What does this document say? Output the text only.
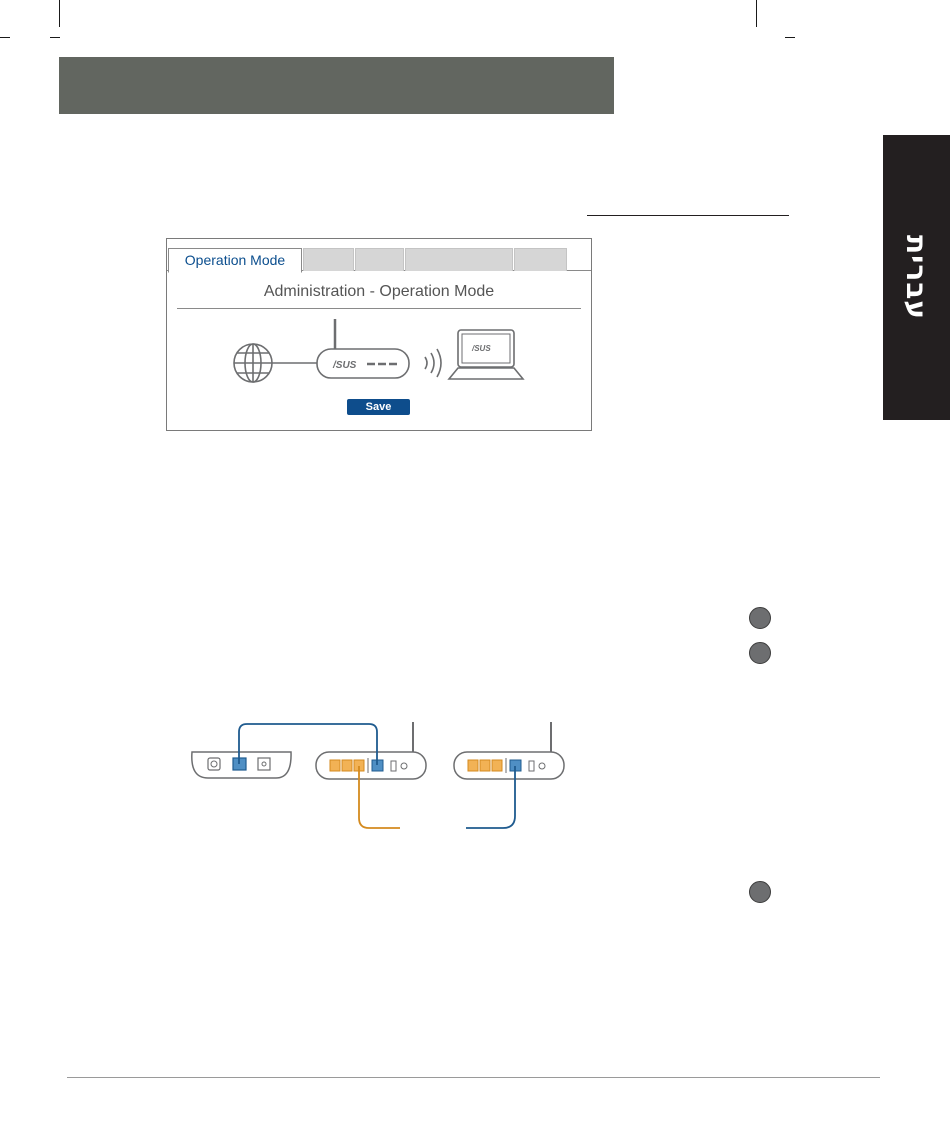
עברית
Operation Mode
Administration - Operation Mode
/SUS
/SUS
Save
